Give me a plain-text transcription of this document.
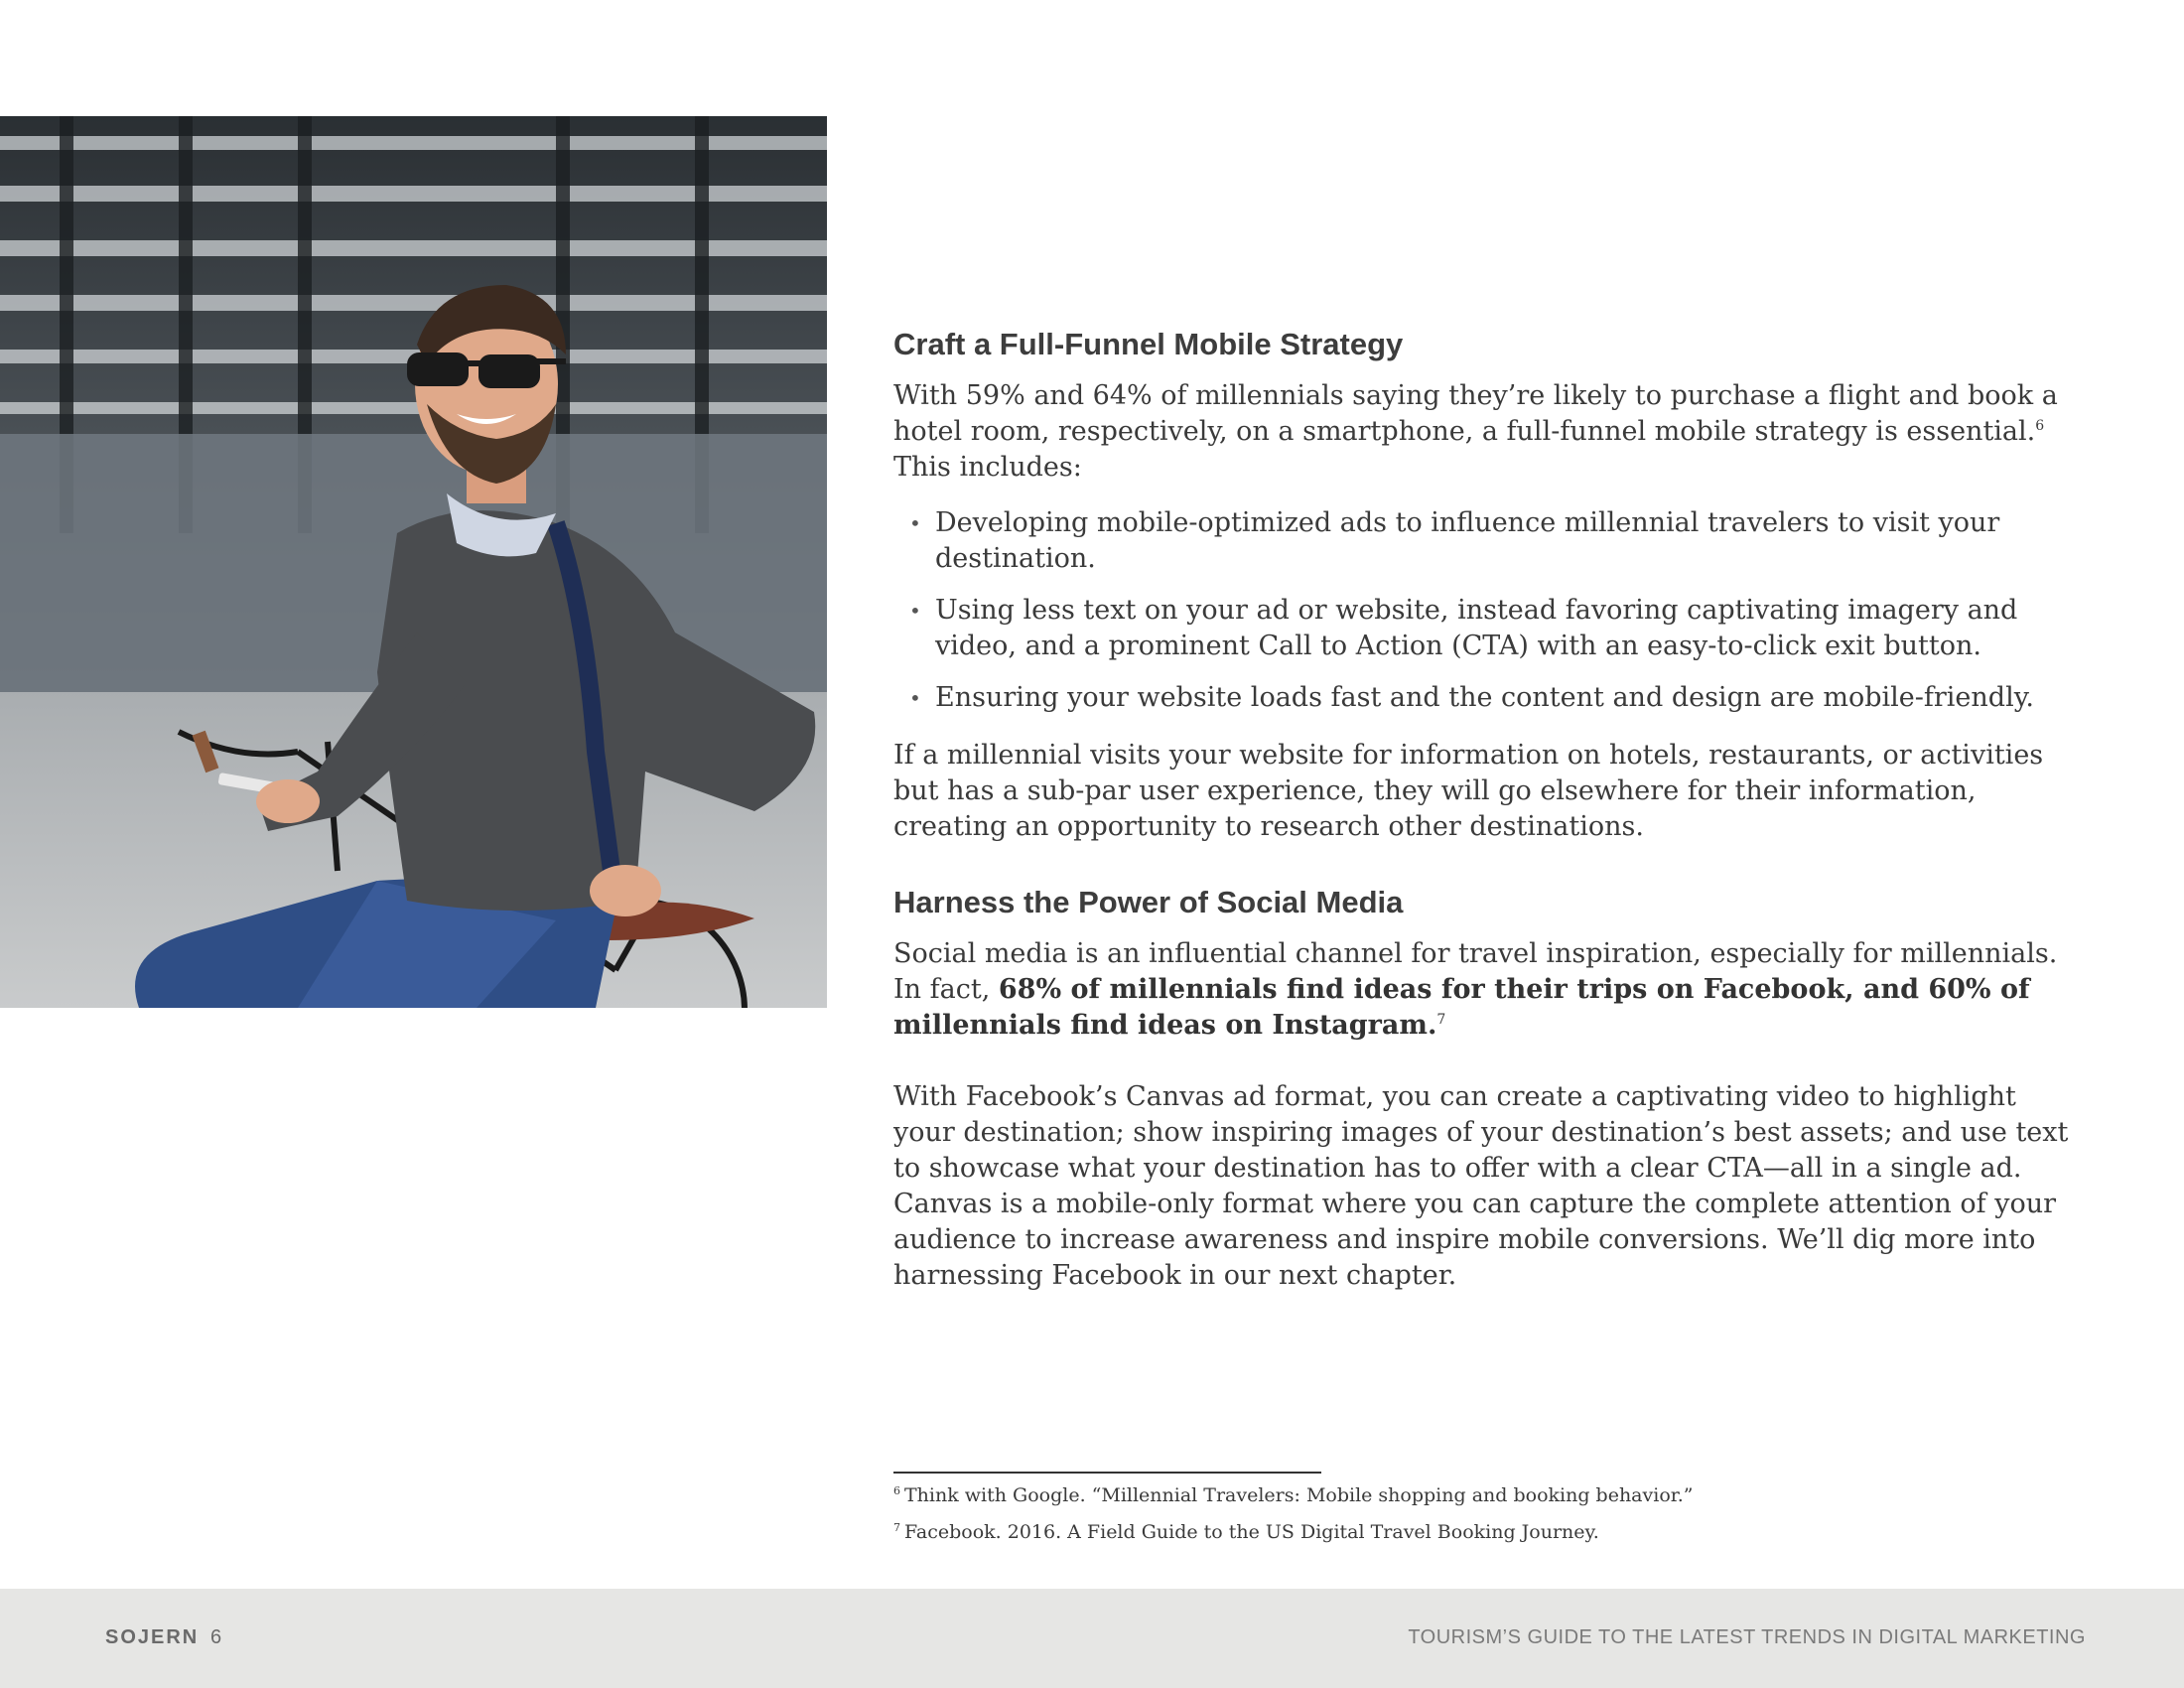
Craft a Full-Funnel Mobile Strategy

With 59% and 64% of millennials saying they’re likely to purchase a flight and book a hotel room, respectively, on a smartphone, a full-funnel mobile strategy is essential.$^6$ This includes:

• Developing mobile-optimized ads to influence millennial travelers to visit your destination.
• Using less text on your ad or website, instead favoring captivating imagery and video, and a prominent Call to Action (CTA) with an easy-to-click exit button.
• Ensuring your website loads fast and the content and design are mobile-friendly.

If a millennial visits your website for information on hotels, restaurants, or activities but has a sub-par user experience, they will go elsewhere for their information, creating an opportunity to research other destinations.

Harness the Power of Social Media

Social media is an influential channel for travel inspiration, especially for millennials. In fact, 68% of millennials find ideas for their trips on Facebook, and 60% of millennials find ideas on Instagram.$^7$

With Facebook’s Canvas ad format, you can create a captivating video to highlight your destination; show inspiring images of your destination’s best assets; and use text to showcase what your destination has to offer with a clear CTA—all in a single ad. Canvas is a mobile-only format where you can capture the complete attention of your audience to increase awareness and inspire mobile conversions. We’ll dig more into harnessing Facebook in our next chapter.

$^6$ Think with Google. “Millennial Travelers: Mobile shopping and booking behavior.”
$^7$ Facebook. 2016. A Field Guide to the US Digital Travel Booking Journey.
SOJERN 6	TOURISM’S GUIDE TO THE LATEST TRENDS IN DIGITAL MARKETING
